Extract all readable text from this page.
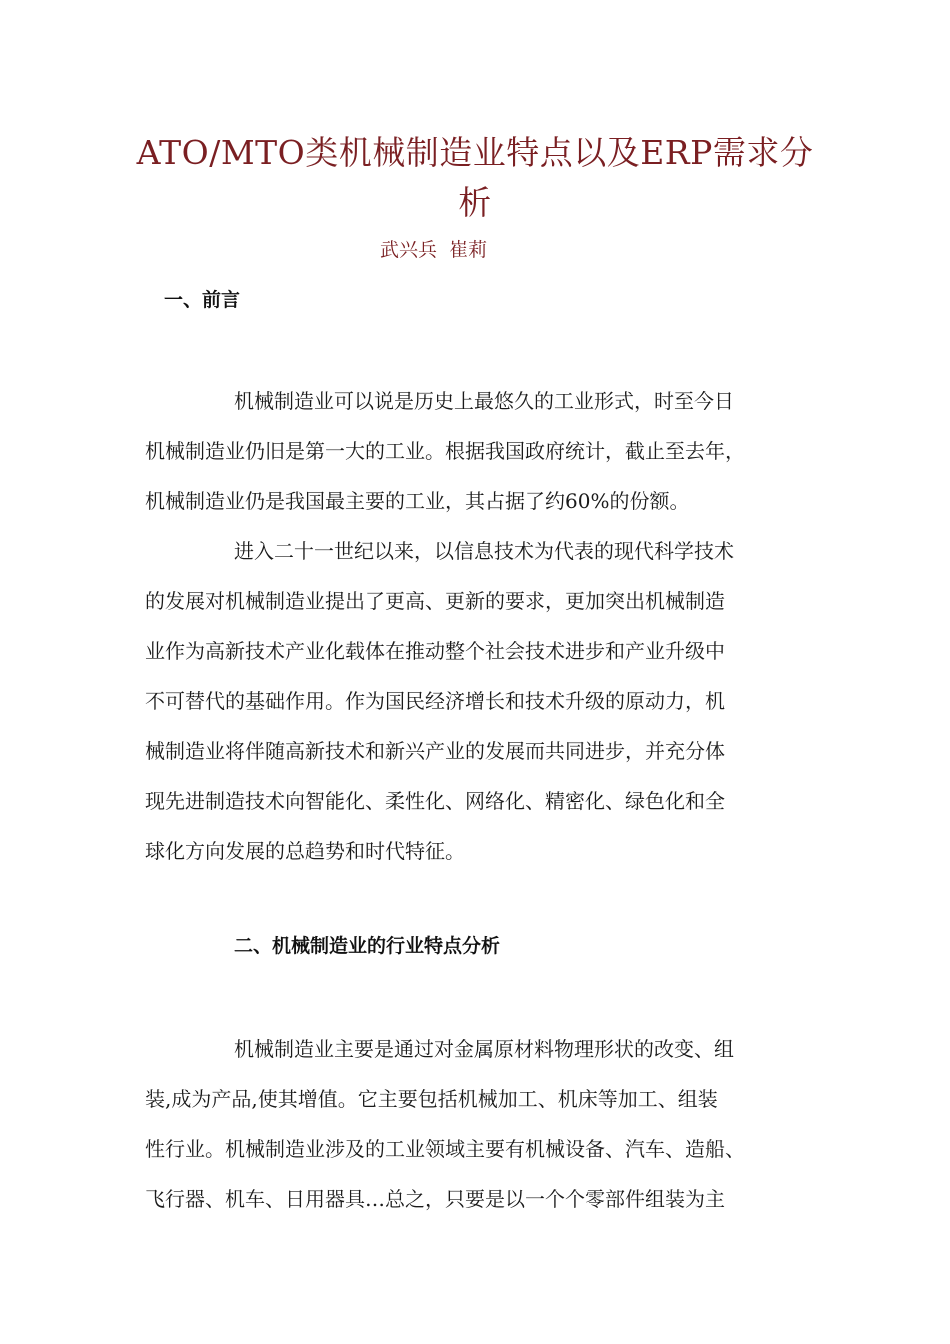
ATO/MTO类机械制造业特点以及ERP需求分
析
武兴兵  崔莉
一、前言

机械制造业可以说是历史上最悠久的工业形式，时至今日

机械制造业仍旧是第一大的工业。根据我国政府统计，截止至去年，

机械制造业仍是我国最主要的工业，其占据了约60%的份额。

进入二十一世纪以来，以信息技术为代表的现代科学技术

的发展对机械制造业提出了更高、更新的要求，更加突出机械制造

业作为高新技术产业化载体在推动整个社会技术进步和产业升级中

不可替代的基础作用。作为国民经济增长和技术升级的原动力，机

械制造业将伴随高新技术和新兴产业的发展而共同进步，并充分体

现先进制造技术向智能化、柔性化、网络化、精密化、绿色化和全

球化方向发展的总趋势和时代特征。

二、机械制造业的行业特点分析

机械制造业主要是通过对金属原材料物理形状的改变、组

装,成为产品,使其增值。它主要包括机械加工、机床等加工、组装

性行业。机械制造业涉及的工业领域主要有机械设备、汽车、造船、

飞行器、机车、日用器具…总之，只要是以一个个零部件组装为主
